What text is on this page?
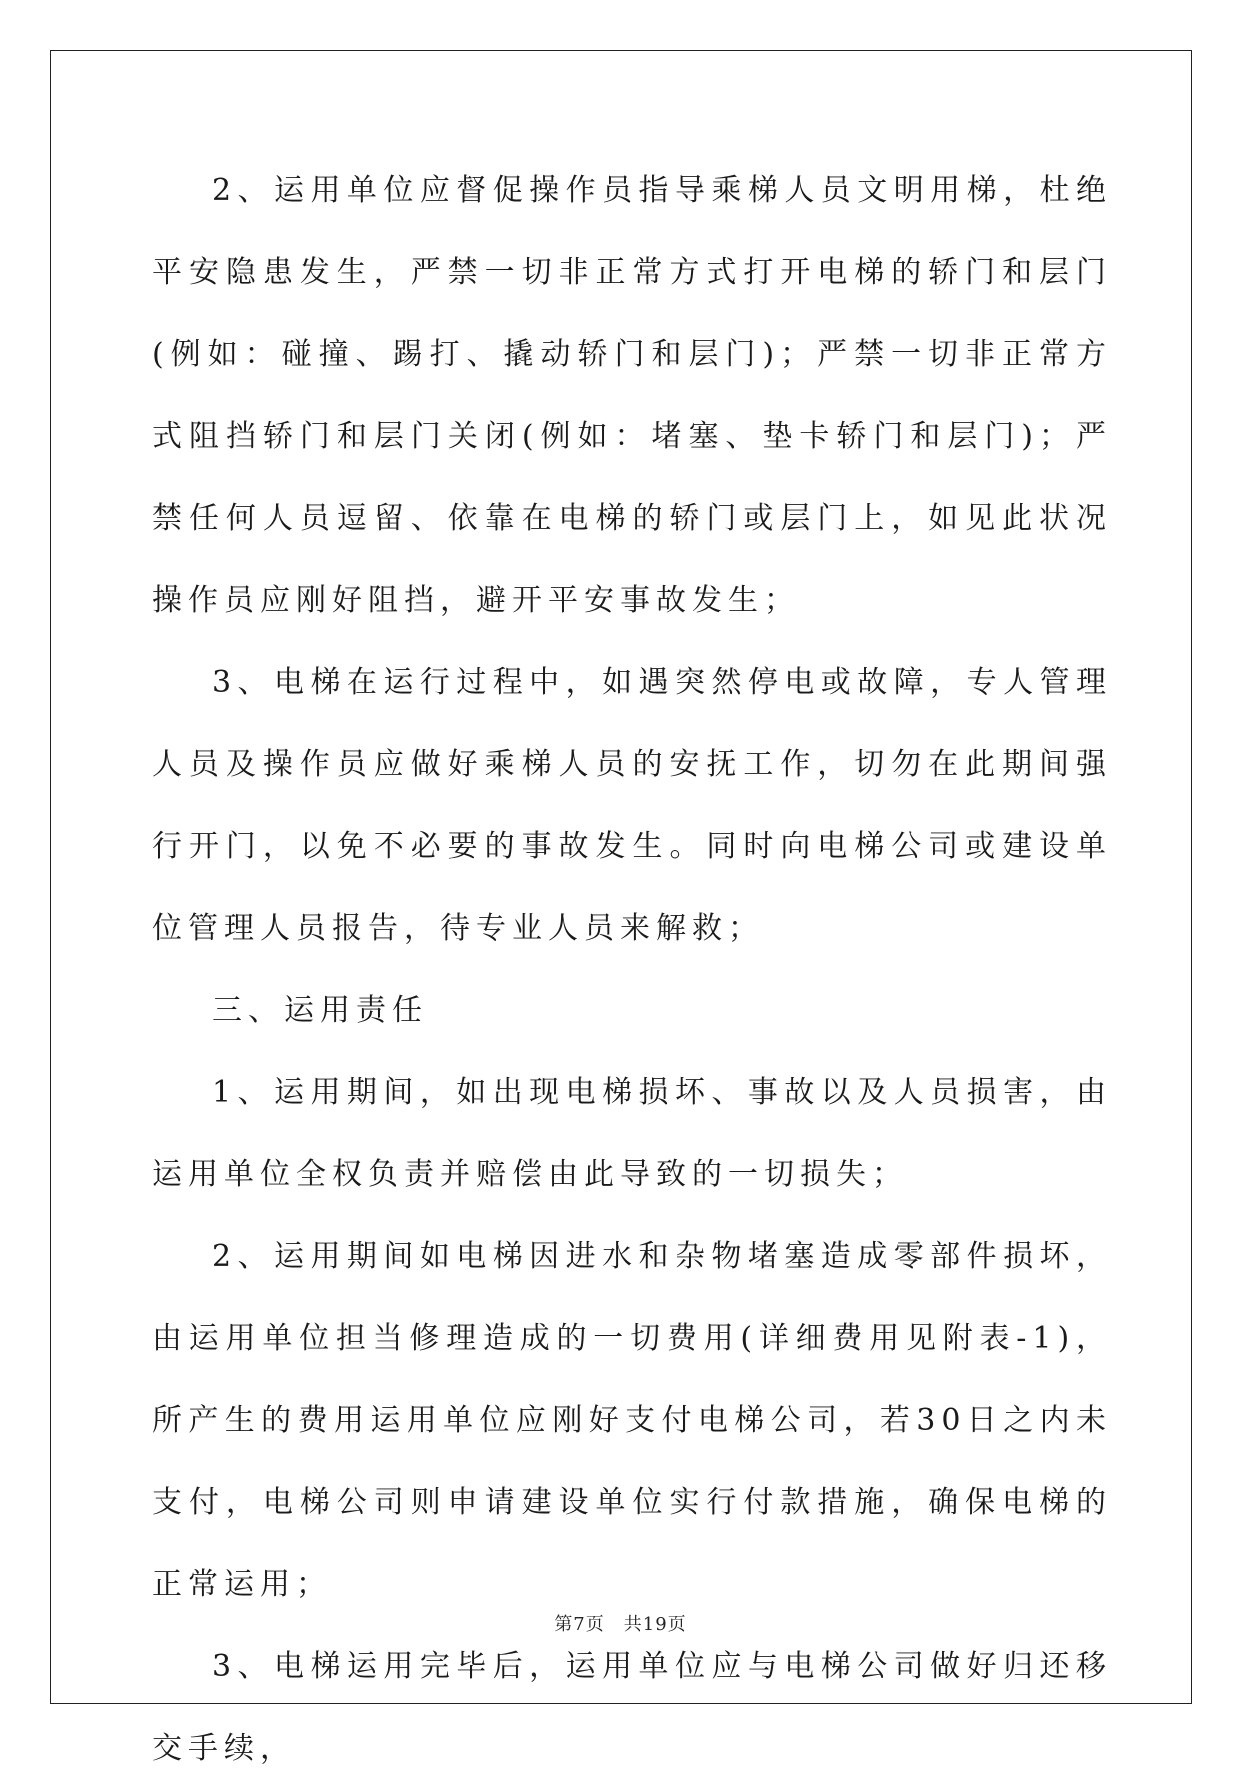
2、运用单位应督促操作员指导乘梯人员文明用梯，杜绝平安隐患发生，严禁一切非正常方式打开电梯的轿门和层门(例如：碰撞、踢打、撬动轿门和层门)；严禁一切非正常方式阻挡轿门和层门关闭(例如：堵塞、垫卡轿门和层门)；严禁任何人员逗留、依靠在电梯的轿门或层门上，如见此状况操作员应刚好阻挡，避开平安事故发生；

3、电梯在运行过程中，如遇突然停电或故障，专人管理人员及操作员应做好乘梯人员的安抚工作，切勿在此期间强行开门，以免不必要的事故发生。同时向电梯公司或建设单位管理人员报告，待专业人员来解救；

三、运用责任

1、运用期间，如出现电梯损坏、事故以及人员损害，由运用单位全权负责并赔偿由此导致的一切损失；

2、运用期间如电梯因进水和杂物堵塞造成零部件损坏，由运用单位担当修理造成的一切费用(详细费用见附表-1)，所产生的费用运用单位应刚好支付电梯公司，若30日之内未支付，电梯公司则申请建设单位实行付款措施，确保电梯的正常运用；

3、电梯运用完毕后，运用单位应与电梯公司做好归还移交手续，

第7页　共19页
